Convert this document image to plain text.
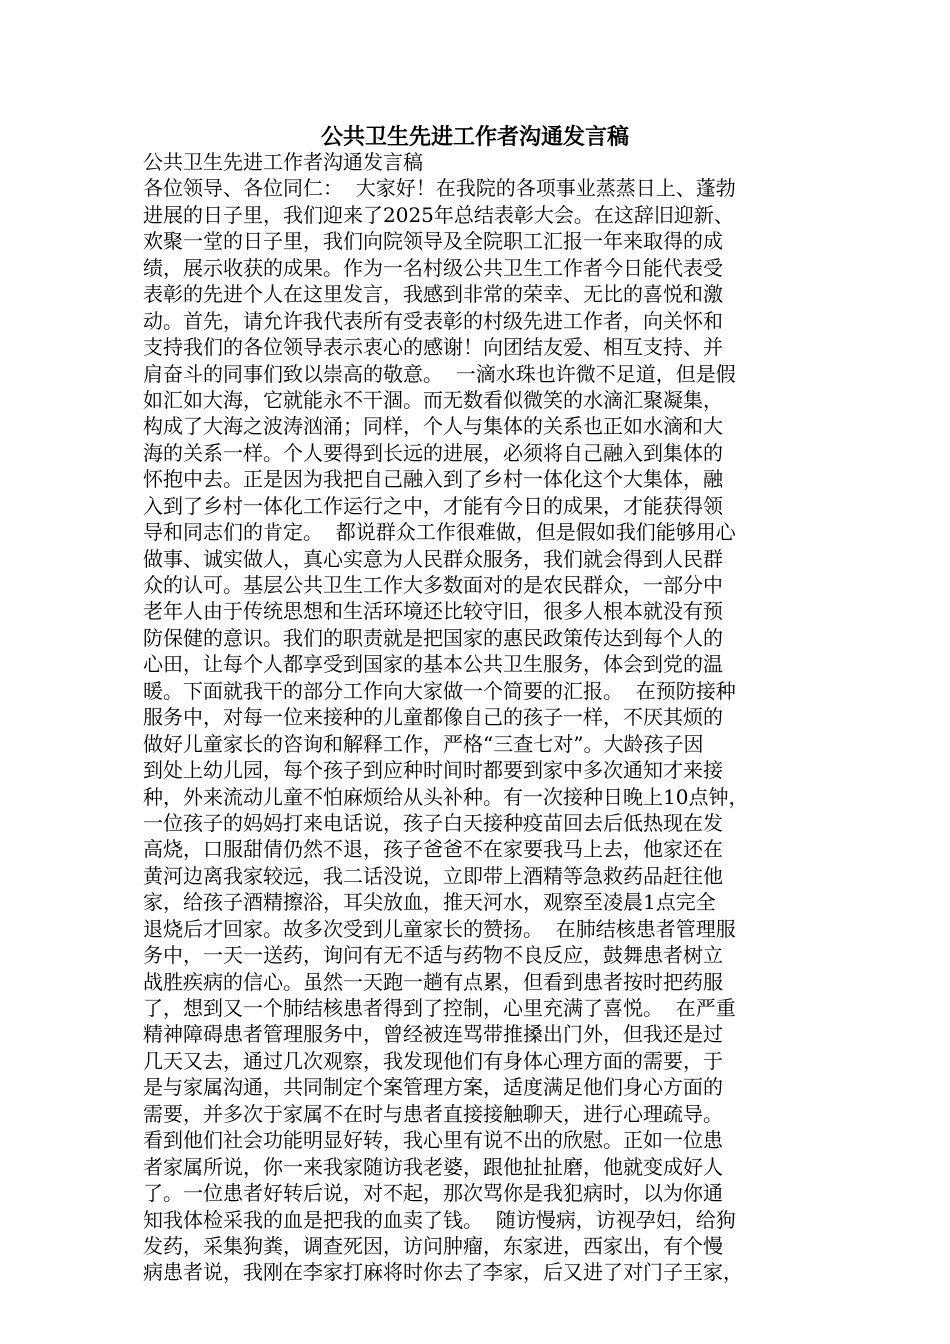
公共卫生先进工作者沟通发言稿
公共卫生先进工作者沟通发言稿
各位领导、各位同仁：  大家好！在我院的各项事业蒸蒸日上、蓬勃
进展的日子里，我们迎来了2025年总结表彰大会。在这辞旧迎新、
欢聚一堂的日子里，我们向院领导及全院职工汇报一年来取得的成
绩，展示收获的成果。作为一名村级公共卫生工作者今日能代表受
表彰的先进个人在这里发言，我感到非常的荣幸、无比的喜悦和激
动。首先，请允许我代表所有受表彰的村级先进工作者，向关怀和
支持我们的各位领导表示衷心的感谢！向团结友爱、相互支持、并
肩奋斗的同事们致以崇高的敬意。  一滴水珠也许微不足道，但是假
如汇如大海，它就能永不干涸。而无数看似微笑的水滴汇聚凝集，
构成了大海之波涛汹涌；同样，个人与集体的关系也正如水滴和大
海的关系一样。个人要得到长远的进展，必须将自己融入到集体的
怀抱中去。正是因为我把自己融入到了乡村一体化这个大集体，融
入到了乡村一体化工作运行之中，才能有今日的成果，才能获得领
导和同志们的肯定。  都说群众工作很难做，但是假如我们能够用心
做事、诚实做人，真心实意为人民群众服务，我们就会得到人民群
众的认可。基层公共卫生工作大多数面对的是农民群众，一部分中
老年人由于传统思想和生活环境还比较守旧，很多人根本就没有预
防保健的意识。我们的职责就是把国家的惠民政策传达到每个人的
心田，让每个人都享受到国家的基本公共卫生服务，体会到党的温
暖。下面就我干的部分工作向大家做一个简要的汇报。  在预防接种
服务中，对每一位来接种的儿童都像自己的孩子一样，不厌其烦的
做好儿童家长的咨询和解释工作，严格“三查七对”。大龄孩子因
到处上幼儿园，每个孩子到应种时间时都要到家中多次通知才来接
种，外来流动儿童不怕麻烦给从头补种。有一次接种日晚上10点钟，
一位孩子的妈妈打来电话说，孩子白天接种疫苗回去后低热现在发
高烧，口服甜倩仍然不退，孩子爸爸不在家要我马上去，他家还在
黄河边离我家较远，我二话没说，立即带上酒精等急救药品赶往他
家，给孩子酒精擦浴，耳尖放血，推天河水，观察至凌晨1点完全
退烧后才回家。故多次受到儿童家长的赞扬。  在肺结核患者管理服
务中，一天一送药，询问有无不适与药物不良反应，鼓舞患者树立
战胜疾病的信心。虽然一天跑一趟有点累，但看到患者按时把药服
了，想到又一个肺结核患者得到了控制，心里充满了喜悦。  在严重
精神障碍患者管理服务中，曾经被连骂带推搡出门外，但我还是过
几天又去，通过几次观察，我发现他们有身体心理方面的需要，于
是与家属沟通，共同制定个案管理方案，适度满足他们身心方面的
需要，并多次于家属不在时与患者直接接触聊天，进行心理疏导。
看到他们社会功能明显好转，我心里有说不出的欣慰。正如一位患
者家属所说，你一来我家随访我老婆，跟他扯扯磨，他就变成好人
了。一位患者好转后说，对不起，那次骂你是我犯病时，以为你通
知我体检采我的血是把我的血卖了钱。  随访慢病，访视孕妇，给狗
发药，采集狗粪，调查死因，访问肿瘤，东家进，西家出，有个慢
病患者说，我刚在李家打麻将时你去了李家，后又进了对门子王家，
